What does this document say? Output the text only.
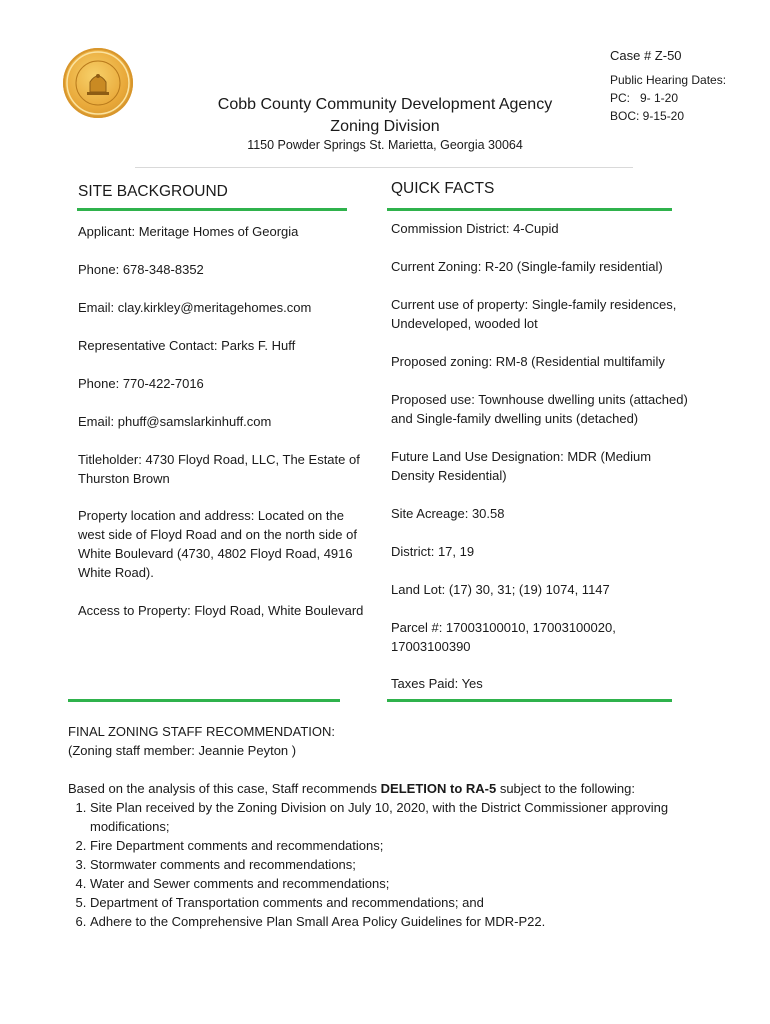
Cobb County Community Development Agency
Zoning Division
1150 Powder Springs St. Marietta, Georgia 30064
Case # Z-50
Public Hearing Dates:
PC:   9- 1-20
BOC: 9-15-20
SITE BACKGROUND
Applicant: Meritage Homes of Georgia
Phone: 678-348-8352
Email: clay.kirkley@meritagehomes.com
Representative Contact: Parks F. Huff
Phone: 770-422-7016
Email: phuff@samslarkinhuff.com
Titleholder: 4730 Floyd Road, LLC, The Estate of
Thurston Brown
Property location and address: Located on the
west side of Floyd Road and on the north side of
White Boulevard (4730, 4802 Floyd Road, 4916
White Road).
Access to Property: Floyd Road, White Boulevard
QUICK FACTS
Commission District: 4-Cupid
Current Zoning: R-20 (Single-family residential)
Current use of property: Single-family residences,
Undeveloped, wooded lot
Proposed zoning: RM-8 (Residential multifamily
Proposed use: Townhouse dwelling units (attached)
and Single-family dwelling units (detached)
Future Land Use Designation: MDR (Medium
Density Residential)
Site Acreage: 30.58
District: 17, 19
Land Lot: (17) 30, 31; (19) 1074, 1147
Parcel #: 17003100010, 17003100020,
17003100390
Taxes Paid: Yes
FINAL ZONING STAFF RECOMMENDATION:
(Zoning staff member: Jeannie Peyton )
Based on the analysis of this case, Staff recommends DELETION to RA-5 subject to the following:
1. Site Plan received by the Zoning Division on July 10, 2020, with the District Commissioner approving modifications;
2. Fire Department comments and recommendations;
3. Stormwater comments and recommendations;
4. Water and Sewer comments and recommendations;
5. Department of Transportation comments and recommendations; and
6. Adhere to the Comprehensive Plan Small Area Policy Guidelines for MDR-P22.
